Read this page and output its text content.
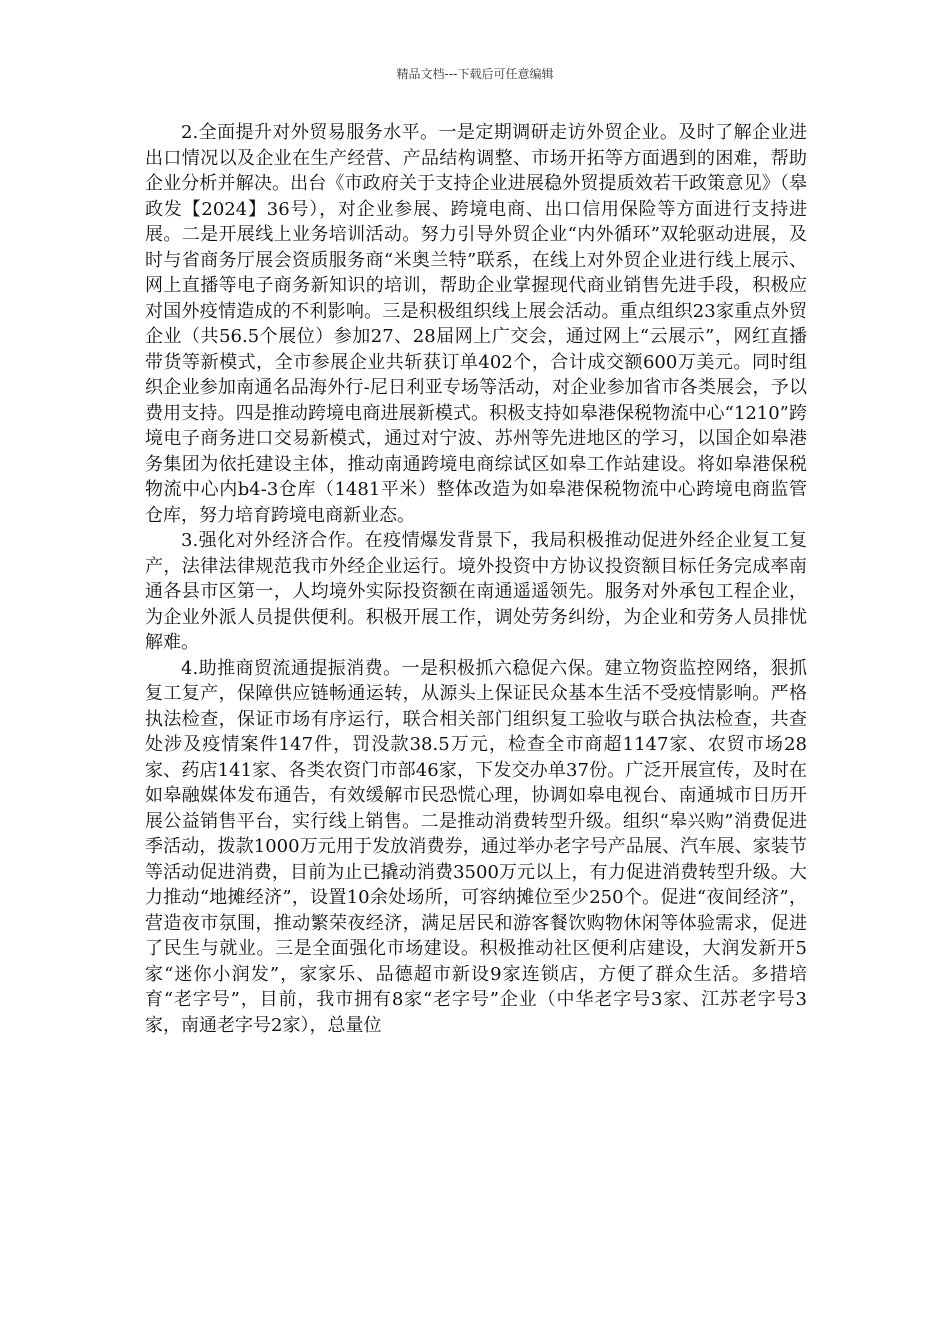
精品文档---下载后可任意编辑

2.全面提升对外贸易服务水平。一是定期调研走访外贸企业。及时了解企业进出口情况以及企业在生产经营、产品结构调整、市场开拓等方面遇到的困难，帮助企业分析并解决。出台《市政府关于支持企业进展稳外贸提质效若干政策意见》（皋政发【2024】36号），对企业参展、跨境电商、出口信用保险等方面进行支持进展。二是开展线上业务培训活动。努力引导外贸企业“内外循环”双轮驱动进展，及时与省商务厅展会资质服务商“米奥兰特”联系，在线上对外贸企业进行线上展示、网上直播等电子商务新知识的培训，帮助企业掌握现代商业销售先进手段，积极应对国外疫情造成的不利影响。三是积极组织线上展会活动。重点组织23家重点外贸企业（共56.5个展位）参加27、28届网上广交会，通过网上“云展示”，网红直播带货等新模式，全市参展企业共斩获订单402个，合计成交额600万美元。同时组织企业参加南通名品海外行-尼日利亚专场等活动，对企业参加省市各类展会，予以费用支持。四是推动跨境电商进展新模式。积极支持如皋港保税物流中心“1210”跨境电子商务进口交易新模式，通过对宁波、苏州等先进地区的学习，以国企如皋港务集团为依托建设主体，推动南通跨境电商综试区如皋工作站建设。将如皋港保税物流中心内b4-3仓库（1481平米）整体改造为如皋港保税物流中心跨境电商监管仓库，努力培育跨境电商新业态。

3.强化对外经济合作。在疫情爆发背景下，我局积极推动促进外经企业复工复产，法律法律规范我市外经企业运行。境外投资中方协议投资额目标任务完成率南通各县市区第一，人均境外实际投资额在南通遥遥领先。服务对外承包工程企业，为企业外派人员提供便利。积极开展工作，调处劳务纠纷，为企业和劳务人员排忧解难。

4.助推商贸流通提振消费。一是积极抓六稳促六保。建立物资监控网络，狠抓复工复产，保障供应链畅通运转，从源头上保证民众基本生活不受疫情影响。严格执法检查，保证市场有序运行，联合相关部门组织复工验收与联合执法检查，共查处涉及疫情案件147件，罚没款38.5万元，检查全市商超1147家、农贸市场28家、药店141家、各类农资门市部46家，下发交办单37份。广泛开展宣传，及时在如皋融媒体发布通告，有效缓解市民恐慌心理，协调如皋电视台、南通城市日历开展公益销售平台，实行线上销售。二是推动消费转型升级。组织“皋兴购”消费促进季活动，拨款1000万元用于发放消费券，通过举办老字号产品展、汽车展、家装节等活动促进消费，目前为止已撬动消费3500万元以上，有力促进消费转型升级。大力推动“地摊经济”，设置10余处场所，可容纳摊位至少250个。促进“夜间经济”，营造夜市氛围，推动繁荣夜经济，满足居民和游客餐饮购物休闲等体验需求，促进了民生与就业。三是全面强化市场建设。积极推动社区便利店建设，大润发新开5家“迷你小润发”，家家乐、品德超市新设9家连锁店，方便了群众生活。多措培育“老字号”，目前，我市拥有8家“老字号”企业（中华老字号3家、江苏老字号3家，南通老字号2家），总量位
